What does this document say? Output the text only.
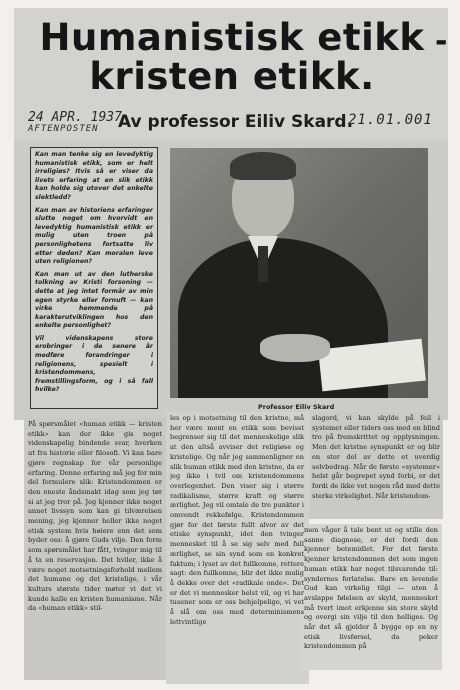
Humanistisk etikk -
kristen etikk.
24 APR. 1937
AFTENPOSTEN Av professor Eiliv Skard.
21.01.001

Kan man tenke sig en levedyktig humanistisk etikk, som er helt irreligiøs? Itvis så er viser da livets erfaring at en slik etikk kan holde sig utover det enkelte slektledd?

Kan man av historiens erfaringer slutte noget om hvorvidt en levedyktig humanistisk etikk er mulig uten troen på personlighetens fortsatte liv etter døden? Kan moralen leve uten religionen?

Kan man ut av den lutherske tolkning av Kristi forsoning — dette at jeg intet formår av min egen styrke eller fornuft — kan virke hemmende på karakterutviklingen hos den enkelte personlighet?

Vil videnskapens store erobringer i de senere år medføre forandringer i religionens, spesielt i kristendommens, fremstillingsform, og i så fall hvilke?

Professor Eiliv Skard

På spørsmålet «human etikk — kristen etikk» kan der ikke gis noget videnskapelig bindende svar, hverken ut fra historie eller filosofi. Vi kan bare gjøre regnskap for vår personlige erfaring. Denne erfaring må jeg for min del formulere slik: Kristendommen er den eneste åndsmakt idag som jeg tør si at jeg tror på. Jeg kjenner ikke noget annet livssyn som kan gi tilværelsen mening, jeg kjenner heller ikke noget etisk system hvis høiere enn det som byder oss: å gjøre Guds vilje. Den form som spørsmålet har fått, tvinger mig til å ta en reservasjon. Det hviler, ikke å være noget motsetningsforhold mellem det humane og det kristelige, i vår kulturs største tider møter vi det vi kunde kalle en kristen humanisme. Når da «human etikk» stil-

les op i motsetning til den kristne, må her være ment en etikk som bevisst begrenser sig til det menneskelige slik at den altså avviser det religiøse og kristelige. Og når jeg sammenligner en slik human etikk med den kristne, da er jeg ikke i tvil om kristendommens overlegenhet. Den viser sig i større radikalisme, større kraft og større ærlighet. Jeg vil omtale de tre punkter i omvendt rekkefølge. Kristendommen gjør for det første fullt alvor av det etiske synspunkt, idet den tvinger mennesket til å se sig selv med full ærlighet, se sin synd som en konkret faktum; i lyset av det fullkomne, rettere sagt: den fullkomne, blir det ikke mulig å dekke over det «radikale onde». Det er det vi mennesker helst vil, og vi har tusener som er oss behjelpelige, vi vet å slå om oss med determinismens lettvintlige

slagord, vi kan skylde på feil i systemet eller tiders oss med en blind tro på fremskrittet og opplysningen. Men det kristne synspunkt er og blir en stor del av dette et uverdig selvbedrag. Når de første «systemer» helst går begrepet synd forbi, er det fordi de ikke vet nogen råd med dette sterke virkelighet. Når kristendom-

men våger å tale bent ut og stille den sanne diagnose, er det fordi den kjenner botemidlet. For det første kjenner kristendommen det som ingen human etikk har noget tilsvarende til: syndernes forlatelse. Bare en levende Gud kan virkelig tilgi — uten å avslappe følelsen av skyld, mennesket må tvert imot erkjenne sin store skyld og overgi sin vilje til den helliges. Og når det så gjelder å bygge op en ny etisk livsførsel, da peker kristendommen på
